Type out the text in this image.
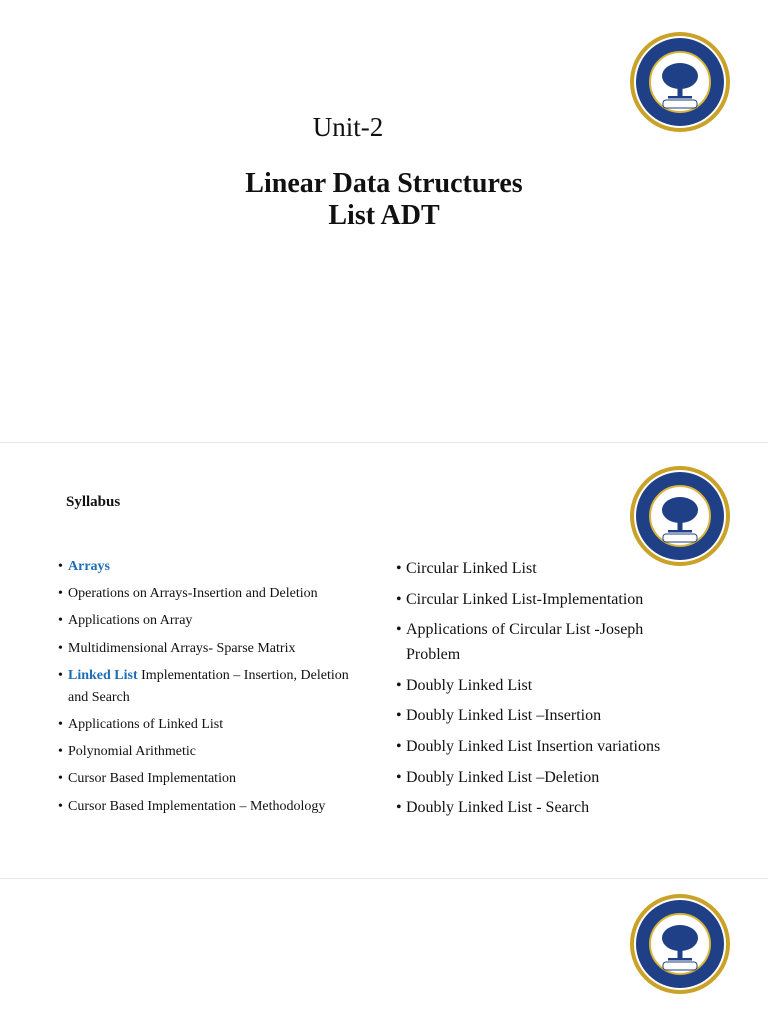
Unit-2
Linear Data Structures
List ADT
Syllabus
• Arrays
• Operations on Arrays-Insertion and Deletion
• Applications on Array
• Multidimensional Arrays- Sparse Matrix
• Linked List Implementation – Insertion, Deletion and Search
• Applications of Linked List
• Polynomial Arithmetic
• Cursor Based Implementation
• Cursor Based Implementation – Methodology
• Circular Linked List
• Circular Linked List-Implementation
• Applications of Circular List -Joseph Problem
• Doubly Linked List
• Doubly Linked List –Insertion
• Doubly Linked List Insertion variations
• Doubly Linked List –Deletion
• Doubly Linked List - Search
